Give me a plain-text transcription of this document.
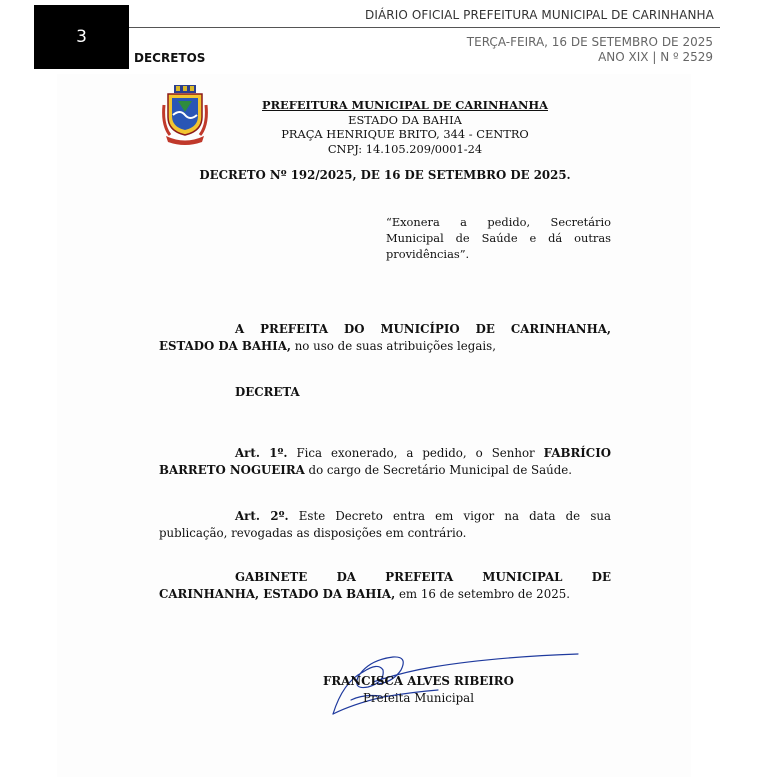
3
DIÁRIO OFICIAL PREFEITURA MUNICIPAL DE CARINHANHA
TERÇA-FEIRA, 16 DE SETEMBRO DE 2025
ANO XIX | N º 2529
DECRETOS
PREFEITURA MUNICIPAL DE CARINHANHA
ESTADO DA BAHIA
PRAÇA HENRIQUE BRITO, 344 - CENTRO
CNPJ: 14.105.209/0001-24
DECRETO Nº 192/2025, DE 16 DE SETEMBRO DE 2025.
“Exonera a pedido, Secretário Municipal de Saúde e dá outras providências”.
A PREFEITA DO MUNICÍPIO DE CARINHANHA, ESTADO DA BAHIA, no uso de suas atribuições legais,
DECRETA
Art. 1º. Fica exonerado, a pedido, o Senhor FABRÍCIO BARRETO NOGUEIRA do cargo de Secretário Municipal de Saúde.
Art. 2º. Este Decreto entra em vigor na data de sua publicação, revogadas as disposições em contrário.
GABINETE DA PREFEITA MUNICIPAL DE CARINHANHA, ESTADO DA BAHIA, em 16 de setembro de 2025.
FRANCISCA ALVES RIBEIRO
Prefeita Municipal
